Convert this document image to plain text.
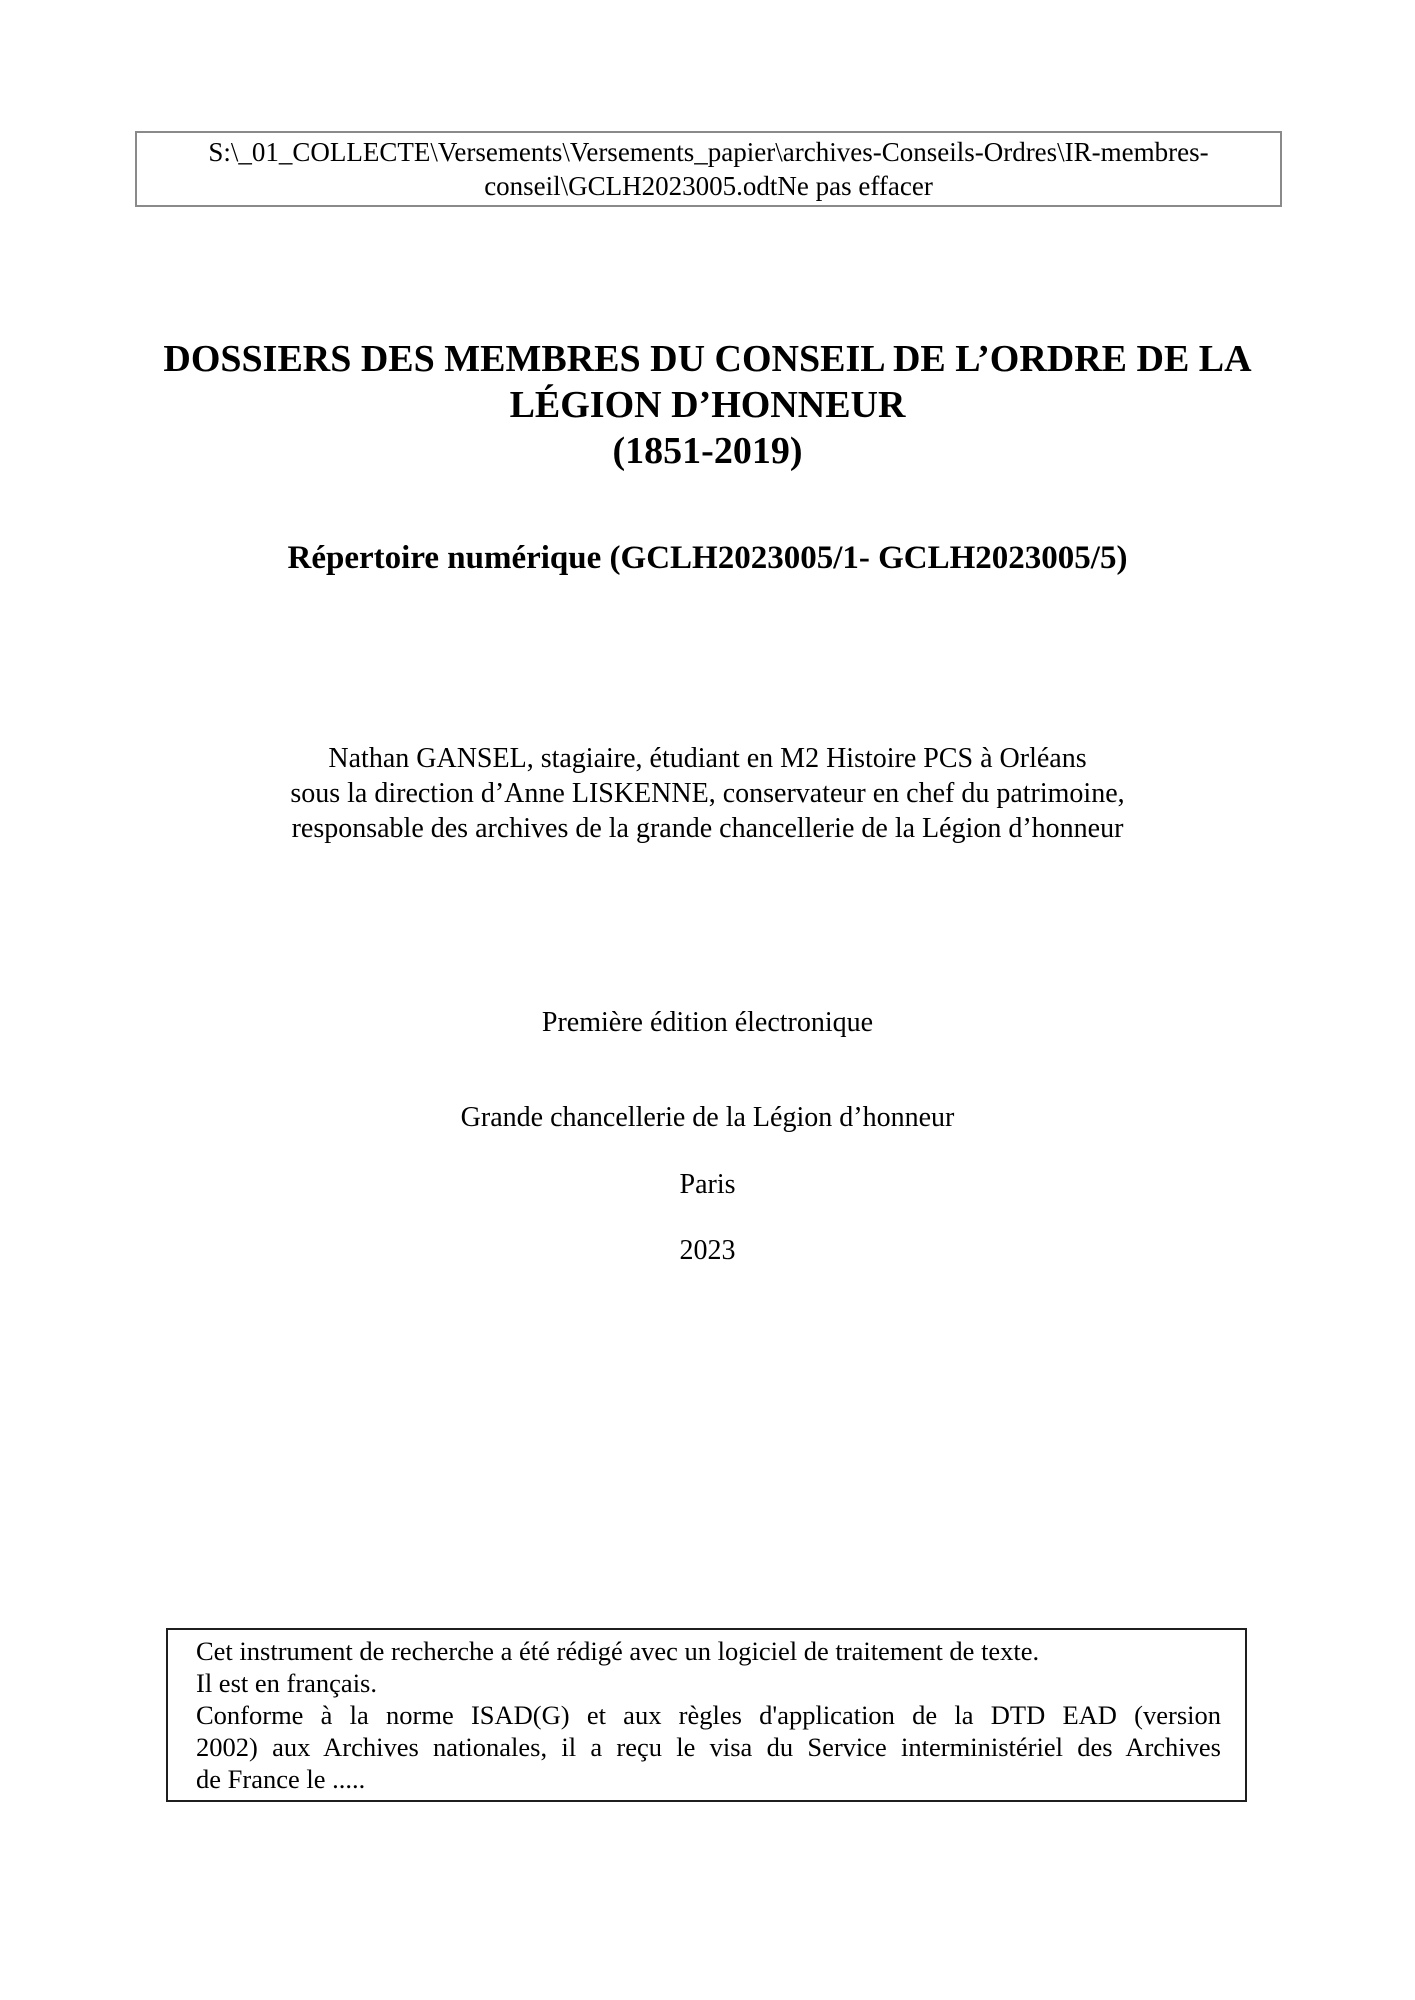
S:\_01_COLLECTE\Versements\Versements_papier\archives-Conseils-Ordres\IR-membres-
conseil\GCLH2023005.odtNe pas effacer
DOSSIERS DES MEMBRES DU CONSEIL DE L’ORDRE DE LA
LÉGION D’HONNEUR
(1851-2019)
Répertoire numérique (GCLH2023005/1- GCLH2023005/5)
Nathan GANSEL, stagiaire, étudiant en M2 Histoire PCS à Orléans
sous la direction d’Anne LISKENNE, conservateur en chef du patrimoine,
responsable des archives de la grande chancellerie de la Légion d’honneur
Première édition électronique
Grande chancellerie de la Légion d’honneur
Paris
2023
Cet instrument de recherche a été rédigé avec un logiciel de traitement de texte.
Il est en français.
Conforme à la norme ISAD(G) et aux règles d'application de la DTD EAD (version
2002) aux Archives nationales, il a reçu le visa du Service interministériel des Archives
de France le .....
